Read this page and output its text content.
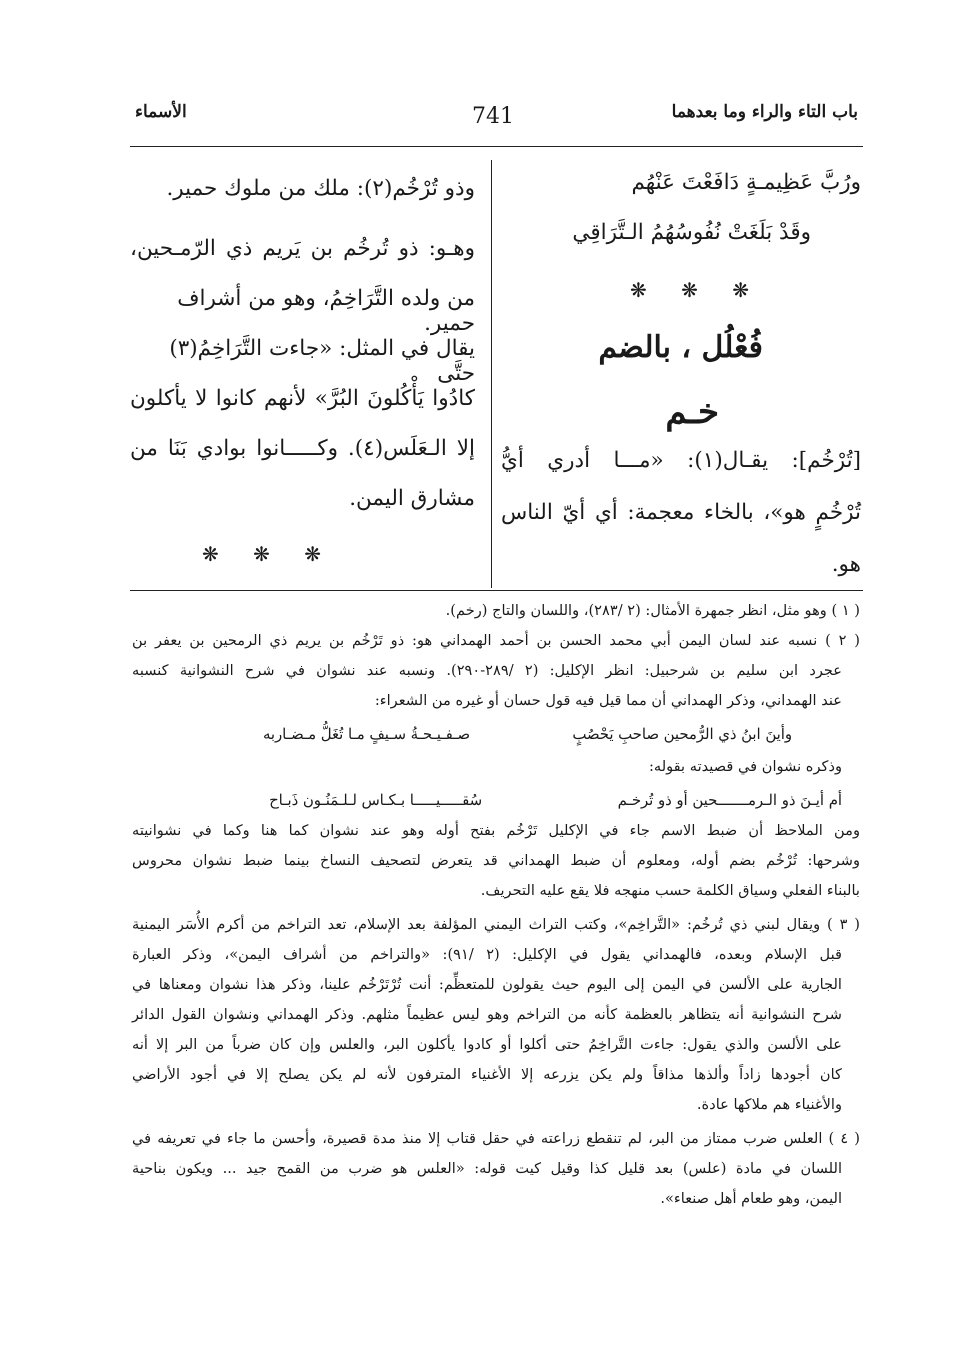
باب التاء والراء وما بعدهما
741
الأسماء
ورُبَّ عَظِيمـةٍ دَافَعْتَ عَنْهُم
وقَدْ بَلَغَتْ نُفُوسُهُمُ الـتَّرَاقِي
❋ ❋ ❋
فُعْلُل ، بالضم
خـم
[تُرْخُم]: يقـال(١): «مـــا أدري أيُّ
تُرْخُمٍ هو»، بالخاء معجمة: أي أيّ الناس
هو.
وذو تُرْخُم(٢): ملك من ملوك حمير.
وهـو: ذو تُرخُم بن يَريم ذي الرّمـحين،
من ولده التَّرَاخِمُ، وهو من أشراف حمير.
يقال في المثل: «جاءت التَّرَاخِمُ(٣) حتَّى
كادُوا يَأْكُلونَ البُرَّ» لأنهم كانوا لا يأكلون
إلا الـعَلَس(٤). وكـــــانوا بوادي بَنَا من
مشارق اليمن.
❋ ❋ ❋
( ١ ) وهو مثل، انظر جمهرة الأمثال: (٢ /٢٨٣)، واللسان والتاج (رخم).
( ٢ ) نسبه عند لسان اليمن أبي محمد الحسن بن أحمد الهمداني هو: ذو تَرْخُم بن يريم ذي الرمحين بن يعفر بن
عجرد ابن سليم بن شرحبيل: انظر الإكليل: (٢ /٢٨٩-٢٩٠). ونسبه عند نشوان في شرح النشوانية كنسبه
عند الهمداني، وذكر الهمداني أن مما قيل فيه قول حسان أو غيره من الشعراء:
وأينَ ابنُ ذي الرُّمحين صاحبِ يَحْصُبٍ
صـفـيـحـةُ سـيفٍ مـا تُغَلُّ مـضـاربه
وذكره نشوان في قصيدته بقوله:
أم أيـنَ ذو الـرمـــــــحين أو ذو تُرخـم
سُقـــــيـــــا بـكـاس لـلـمَنُـون ذَبـاح
ومن الملاحظ أن ضبط الاسم جاء في الإكليل تَرْخُم بفتح أوله وهو عند نشوان كما هنا وكما في نشوانيته
وشرحها: تُرْخُم بضم أوله، ومعلوم أن ضبط الهمداني قد يتعرض لتصحيف النساخ بينما ضبط نشوان محروس
بالبناء الفعلي وسياق الكلمة حسب منهجه فلا يقع عليه التحريف.
( ٣ ) ويقال لبني ذي تُرخُم: «التَّراخِم»، وكتب التراث اليمني المؤلفة بعد الإسلام، تعد التراخم من أكرم الأُسَر اليمنية
قبل الإسلام وبعده، فالهمداني يقول في الإكليل: (٢ /٩١): «والتراخم من أشراف اليمن»، وذكر العبارة
الجارية على الألسن في اليمن إلى اليوم حيث يقولون للمتعظِّم: أنت تُرْتَرْخُم علينا، وذكر هذا نشوان ومعناها في
شرح النشوانية أنه يتظاهر بالعظمة كأنه من التراخم وهو ليس عظيماً مثلهم. وذكر الهمداني ونشوان القول الدائر
على الألسن والذي يقول: جاءت التَّراخِمُ حتى أكلوا أو كادوا يأكلون البر، والعلس وإن كان ضرباً من البر إلا أنه
كان أجودها زاداً وألذها مذاقاً ولم يكن يزرعه إلا الأغنياء المترفون لأنه لم يكن يصلح إلا في أجود الأراضي
والأغنياء هم ملاكها عادة.
( ٤ ) العلس ضرب ممتاز من البر، لم تنقطع زراعته في حقل قتاب إلا منذ مدة قصيرة، وأحسن ما جاء في تعريفه في
اللسان في مادة (علس) بعد قليل كذا وقيل كيت قوله: «العلس هو ضرب من القمح جيد ... ويكون بناحية
اليمن، وهو طعام أهل صنعاء».
